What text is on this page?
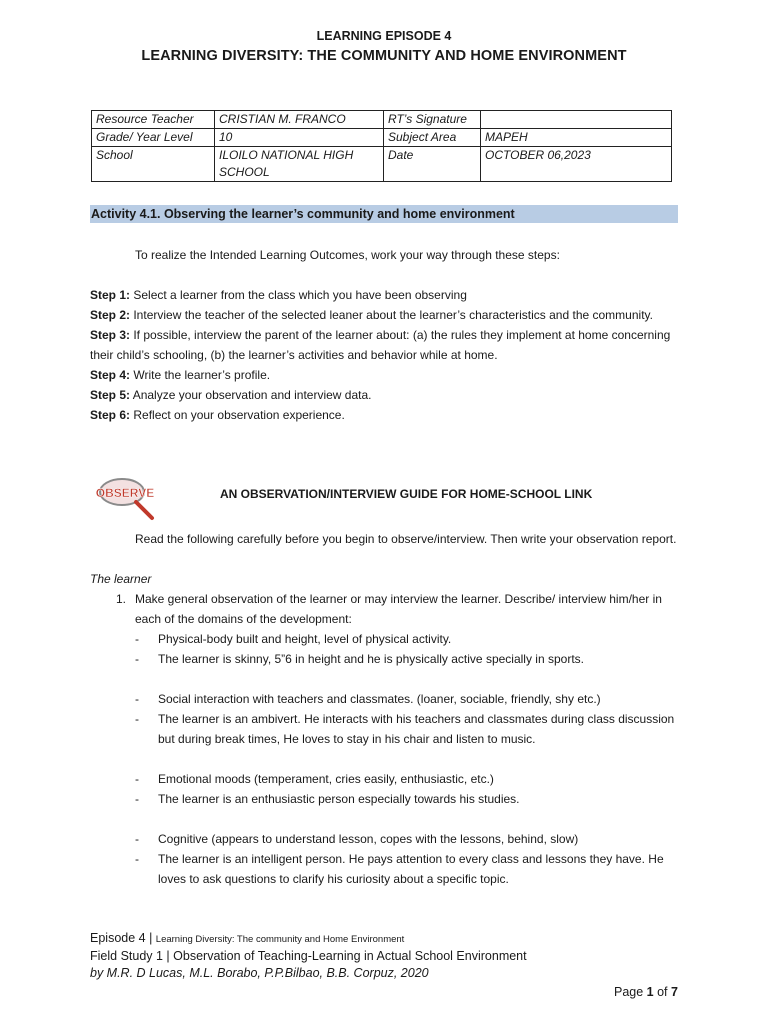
LEARNING EPISODE 4
LEARNING DIVERSITY: THE COMMUNITY AND HOME ENVIRONMENT
Resource Teacher	CRISTIAN M. FRANCO	RT’s Signature	
Grade/ Year Level	10	Subject Area	MAPEH
School	ILOILO NATIONAL HIGH SCHOOL	Date	OCTOBER 06,2023
Activity 4.1. Observing the learner’s community and home environment
To realize the Intended Learning Outcomes, work your way through these steps:
Step 1: Select a learner from the class which you have been observing
Step 2: Interview the teacher of the selected leaner about the learner’s characteristics and the community.
Step 3: If possible, interview the parent of the learner about: (a) the rules they implement at home concerning their child’s schooling, (b) the learner’s activities and behavior while at home.
Step 4: Write the learner’s profile.
Step 5: Analyze your observation and interview data.
Step 6: Reflect on your observation experience.
OBSERVE	AN OBSERVATION/INTERVIEW GUIDE FOR HOME-SCHOOL LINK
Read the following carefully before you begin to observe/interview. Then write your observation report.
The learner
1. Make general observation of the learner or may interview the learner. Describe/ interview him/her in each of the domains of the development:
- Physical-body built and height, level of physical activity.
- The learner is skinny, 5”6 in height and he is physically active specially in sports.
- Social interaction with teachers and classmates. (loaner, sociable, friendly, shy etc.)
- The learner is an ambivert. He interacts with his teachers and classmates during class discussion but during break times, He loves to stay in his chair and listen to music.
- Emotional moods (temperament, cries easily, enthusiastic, etc.)
- The learner is an enthusiastic person especially towards his studies.
- Cognitive (appears to understand lesson, copes with the lessons, behind, slow)
- The learner is an intelligent person. He pays attention to every class and lessons they have. He loves to ask questions to clarify his curiosity about a specific topic.
Episode 4 | Learning Diversity: The community and Home Environment
Field Study 1 | Observation of Teaching-Learning in Actual School Environment
by M.R. D Lucas, M.L. Borabo, P.P.Bilbao, B.B. Corpuz, 2020
Page 1 of 7
